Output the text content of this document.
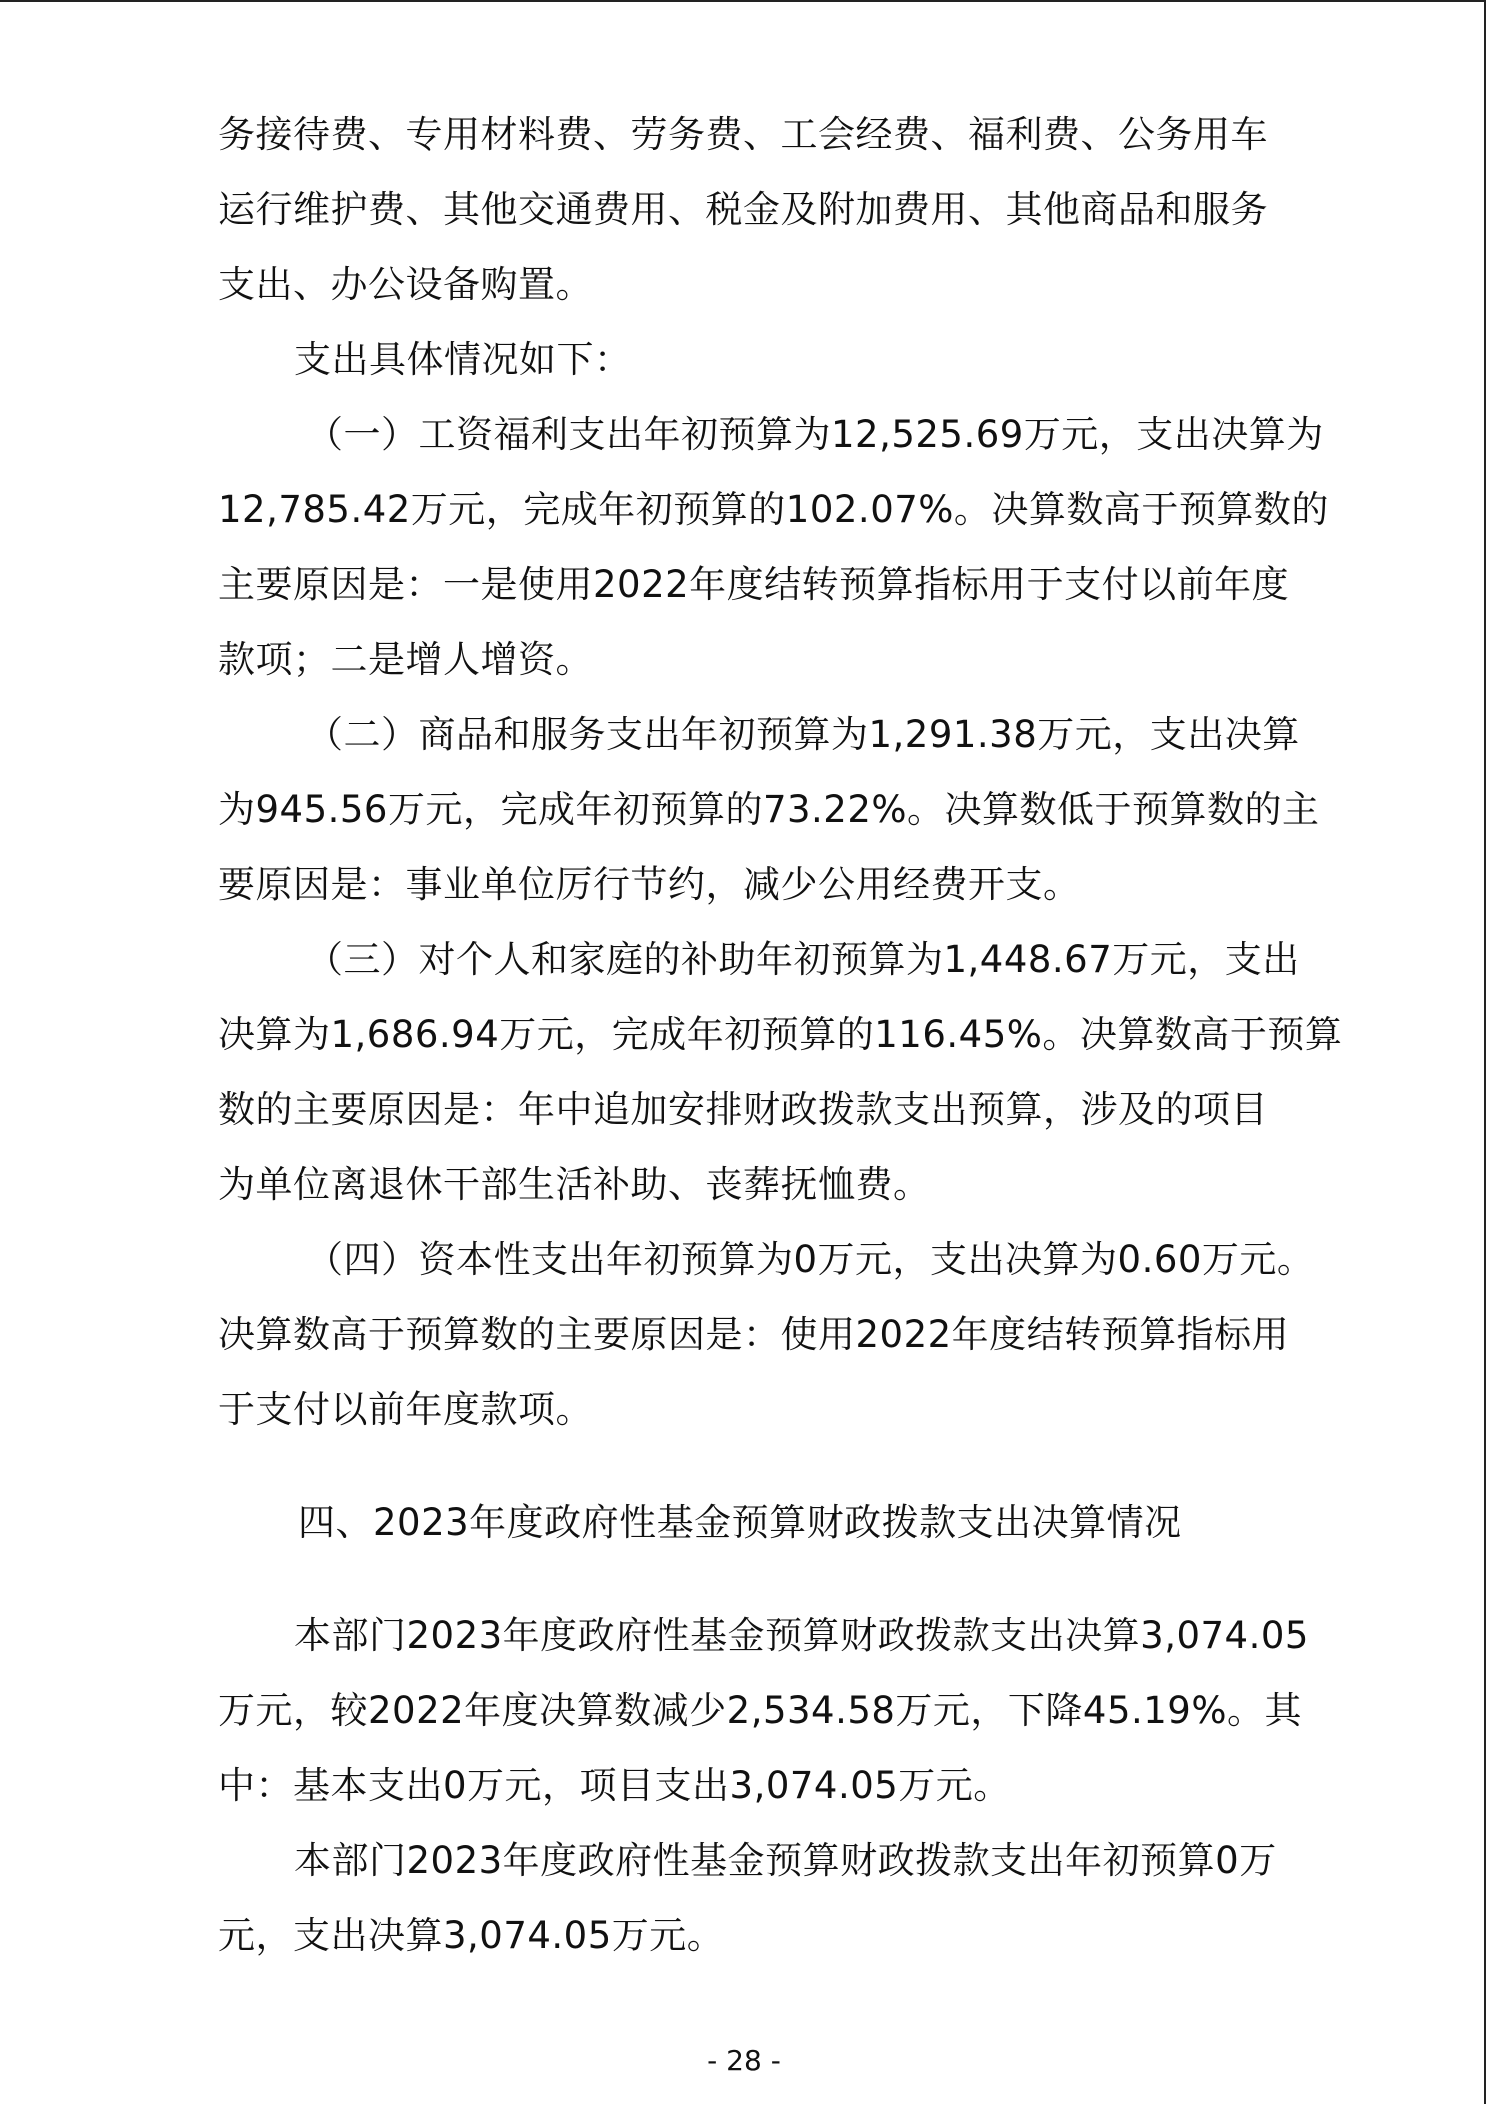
务接待费、专用材料费、劳务费、工会经费、福利费、公务用车
运行维护费、其他交通费用、税金及附加费用、其他商品和服务
支出、办公设备购置。
支出具体情况如下：
（一）工资福利支出年初预算为12,525.69万元，支出决算为
12,785.42万元，完成年初预算的102.07%。决算数高于预算数的
主要原因是：一是使用2022年度结转预算指标用于支付以前年度
款项；二是增人增资。
（二）商品和服务支出年初预算为1,291.38万元，支出决算
为945.56万元，完成年初预算的73.22%。决算数低于预算数的主
要原因是：事业单位厉行节约，减少公用经费开支。
（三）对个人和家庭的补助年初预算为1,448.67万元，支出
决算为1,686.94万元，完成年初预算的116.45%。决算数高于预算
数的主要原因是：年中追加安排财政拨款支出预算，涉及的项目
为单位离退休干部生活补助、丧葬抚恤费。
（四）资本性支出年初预算为0万元，支出决算为0.60万元。
决算数高于预算数的主要原因是：使用2022年度结转预算指标用
于支付以前年度款项。
四、2023年度政府性基金预算财政拨款支出决算情况
本部门2023年度政府性基金预算财政拨款支出决算3,074.05
万元，较2022年度决算数减少2,534.58万元，下降45.19%。其
中：基本支出0万元，项目支出3,074.05万元。
本部门2023年度政府性基金预算财政拨款支出年初预算0万
元，支出决算3,074.05万元。
- 28 -
